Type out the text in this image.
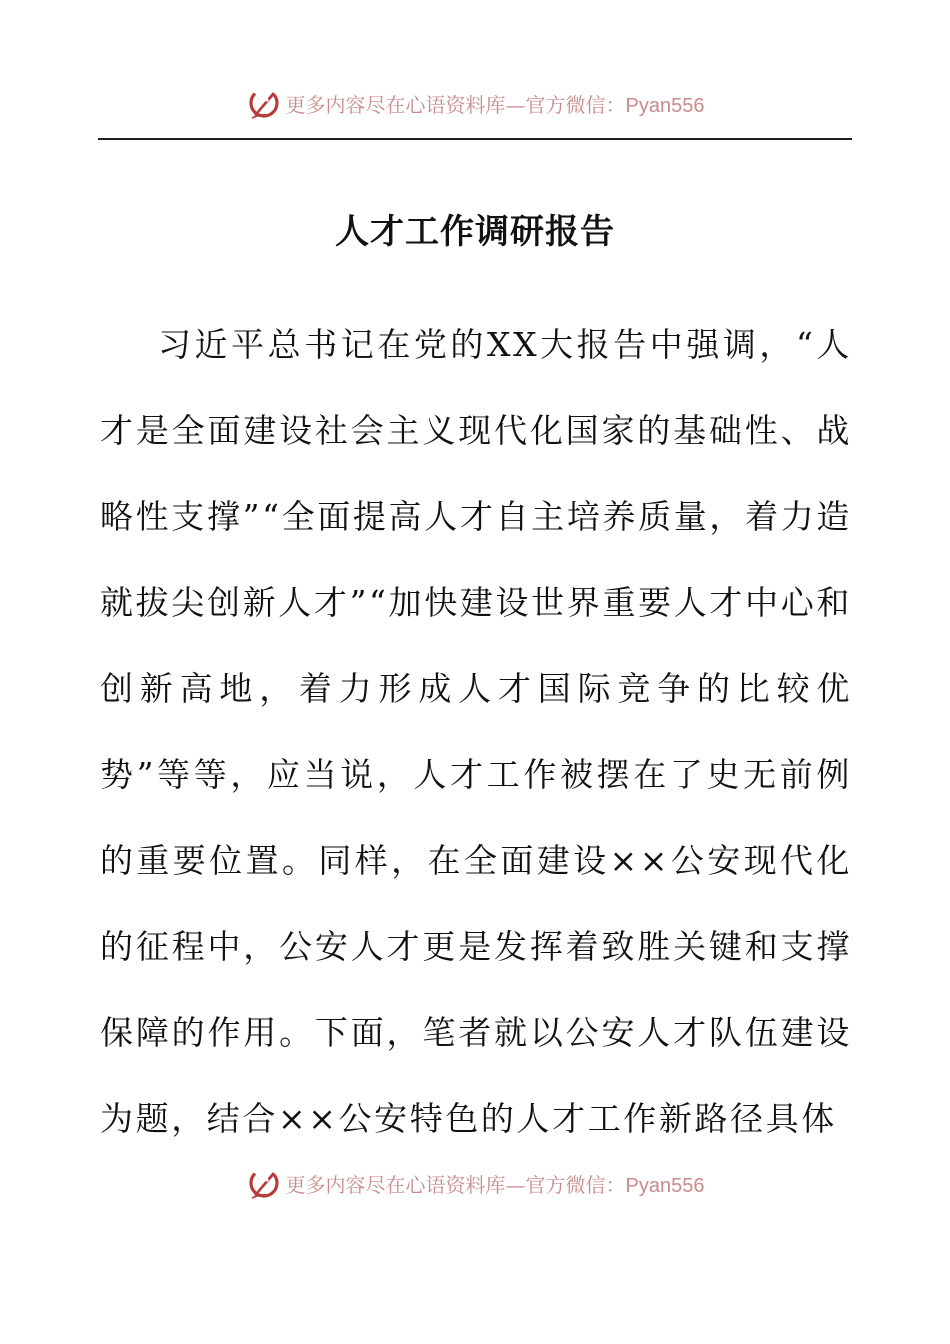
更多内容尽在心语资料库—官方微信：Pyan556
人才工作调研报告

习近平总书记在党的XX大报告中强调，“人才是全面建设社会主义现代化国家的基础性、战略性支撑”“全面提高人才自主培养质量，着力造就拔尖创新人才”“加快建设世界重要人才中心和创新高地，着力形成人才国际竞争的比较优势”等等，应当说，人才工作被摆在了史无前例的重要位置。同样，在全面建设××公安现代化的征程中，公安人才更是发挥着致胜关键和支撑保障的作用。下面，笔者就以公安人才队伍建设为题，结合××公安特色的人才工作新路径具体

更多内容尽在心语资料库—官方微信：Pyan556
